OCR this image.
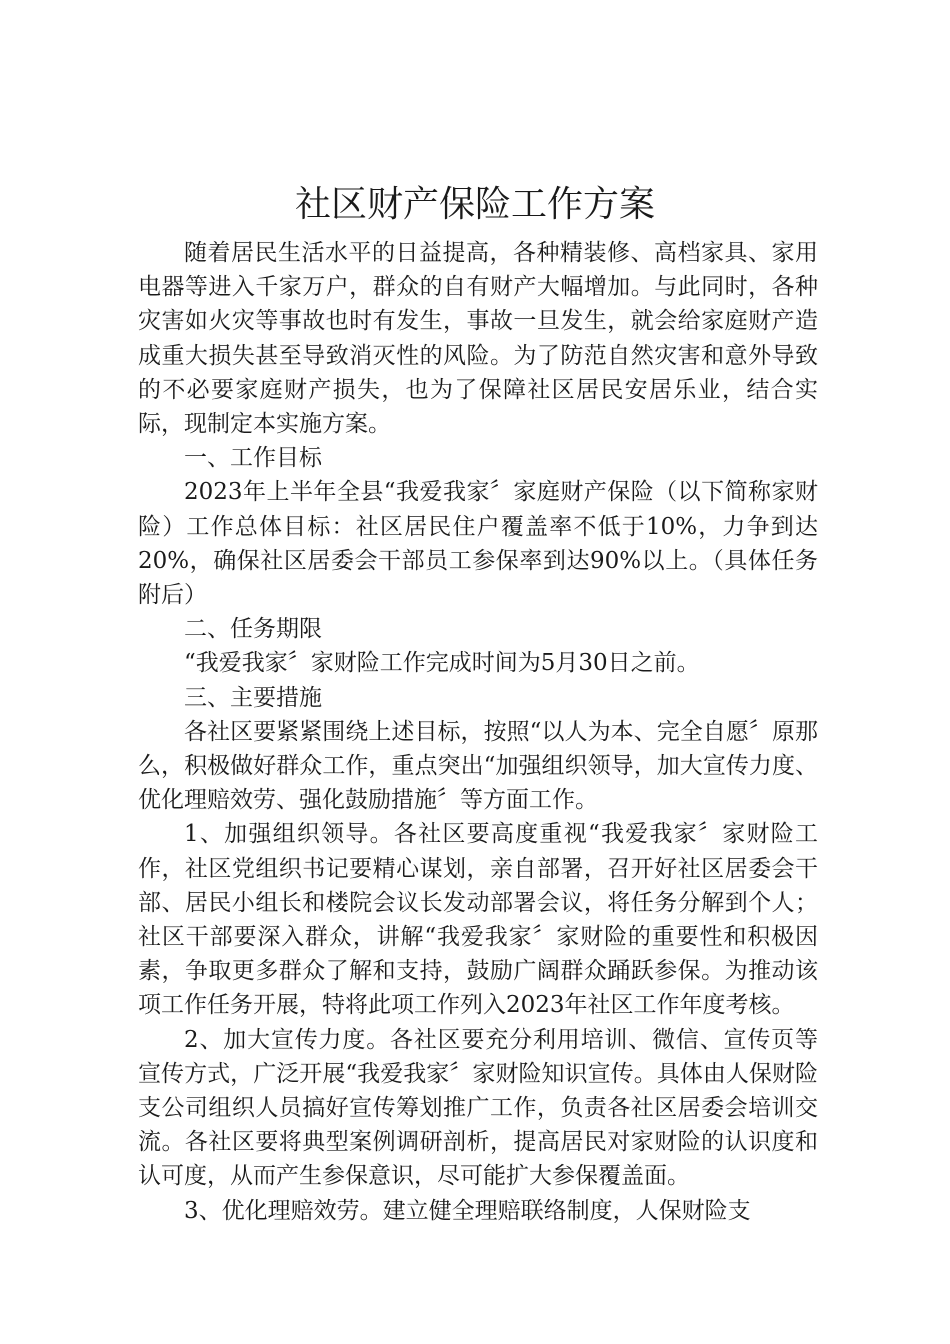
社区财产保险工作方案

随着居民生活水平的日益提高，各种精装修、高档家具、家用电器等进入千家万户，群众的自有财产大幅增加。与此同时，各种灾害如火灾等事故也时有发生，事故一旦发生，就会给家庭财产造成重大损失甚至导致消灭性的风险。为了防范自然灾害和意外导致的不必要家庭财产损失，也为了保障社区居民安居乐业，结合实际，现制定本实施方案。

一、工作目标

2023年上半年全县“我爱我家〞家庭财产保险（以下简称家财险）工作总体目标：社区居民住户覆盖率不低于10%，力争到达20%，确保社区居委会干部员工参保率到达90%以上。（具体任务附后）

二、任务期限

“我爱我家〞家财险工作完成时间为5月30日之前。

三、主要措施

各社区要紧紧围绕上述目标，按照“以人为本、完全自愿〞原那么，积极做好群众工作，重点突出“加强组织领导，加大宣传力度、优化理赔效劳、强化鼓励措施〞等方面工作。

1、加强组织领导。各社区要高度重视“我爱我家〞家财险工作，社区党组织书记要精心谋划，亲自部署，召开好社区居委会干部、居民小组长和楼院会议长发动部署会议，将任务分解到个人；社区干部要深入群众，讲解“我爱我家〞家财险的重要性和积极因素，争取更多群众了解和支持，鼓励广阔群众踊跃参保。为推动该项工作任务开展，特将此项工作列入2023年社区工作年度考核。

2、加大宣传力度。各社区要充分利用培训、微信、宣传页等宣传方式，广泛开展“我爱我家〞家财险知识宣传。具体由人保财险支公司组织人员搞好宣传筹划推广工作，负责各社区居委会培训交流。各社区要将典型案例调研剖析，提高居民对家财险的认识度和认可度，从而产生参保意识，尽可能扩大参保覆盖面。

3、优化理赔效劳。建立健全理赔联络制度，人保财险支
